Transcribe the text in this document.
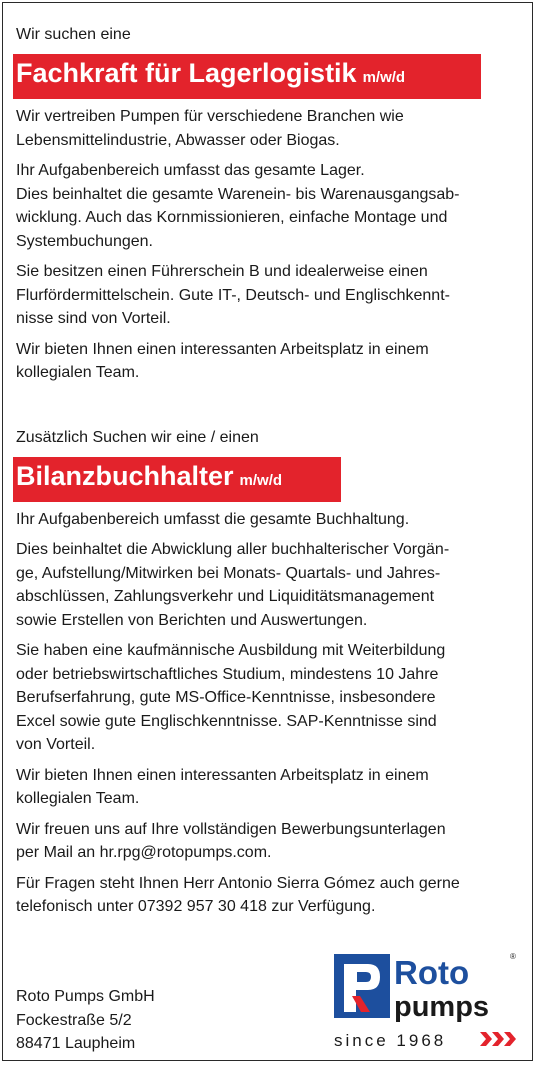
Wir suchen eine
Fachkraft für Lagerlogistik m/w/d

Wir vertreiben Pumpen für verschiedene Branchen wie
Lebensmittelindustrie, Abwasser oder Biogas.

Ihr Aufgabenbereich umfasst das gesamte Lager.
Dies beinhaltet die gesamte Warenein- bis Warenausgangsab-
wicklung. Auch das Kornmissionieren, einfache Montage und
Systembuchungen.

Sie besitzen einen Führerschein B und idealerweise einen
Flurfördermittelschein. Gute IT-, Deutsch- und Englischkennt-
nisse sind von Vorteil.

Wir bieten Ihnen einen interessanten Arbeitsplatz in einem
kollegialen Team.

Zusätzlich Suchen wir eine / einen
Bilanzbuchhalter m/w/d

Ihr Aufgabenbereich umfasst die gesamte Buchhaltung.

Dies beinhaltet die Abwicklung aller buchhalterischer Vorgän-
ge, Aufstellung/Mitwirken bei Monats- Quartals- und Jahres-
abschlüssen, Zahlungsverkehr und Liquiditätsmanagement
sowie Erstellen von Berichten und Auswertungen.

Sie haben eine kaufmännische Ausbildung mit Weiterbildung
oder betriebswirtschaftliches Studium, mindestens 10 Jahre
Berufserfahrung, gute MS-Office-Kenntnisse, insbesondere
Excel sowie gute Englischkenntnisse. SAP-Kenntnisse sind
von Vorteil.

Wir bieten Ihnen einen interessanten Arbeitsplatz in einem
kollegialen Team.

Wir freuen uns auf Ihre vollständigen Bewerbungsunterlagen
per Mail an hr.rpg@rotopumps.com.

Für Fragen steht Ihnen Herr Antonio Sierra Gómez auch gerne
telefonisch unter 07392 957 30 418 zur Verfügung.

Roto Pumps GmbH
Fockestraße 5/2
88471 Laupheim
Roto
pumps
®
since 1968
